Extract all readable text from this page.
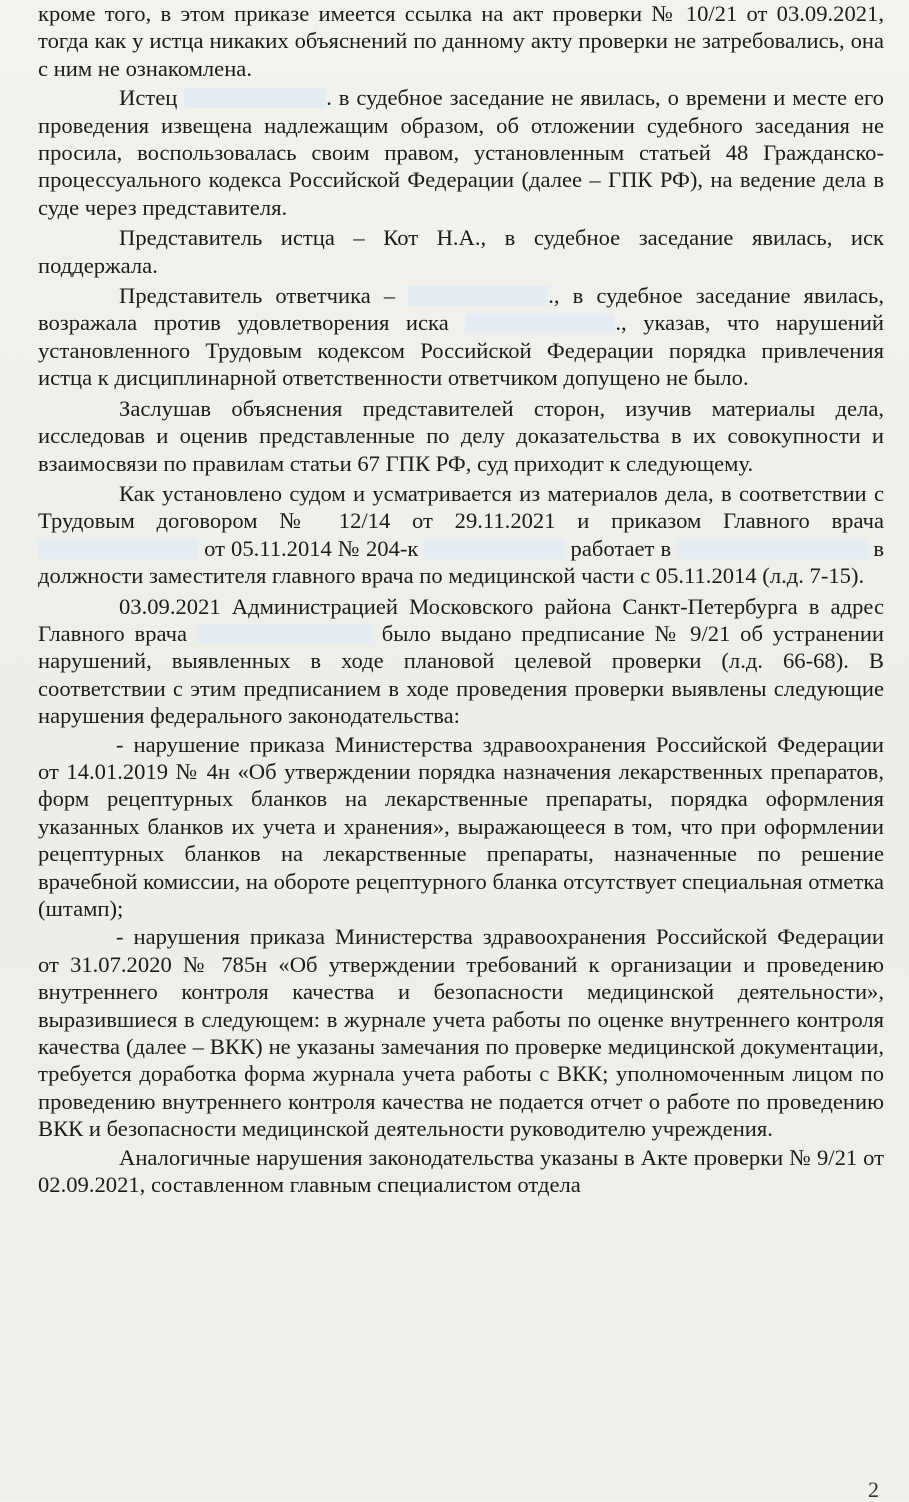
кроме того, в этом приказе имеется ссылка на акт проверки № 10/21 от 03.09.2021, тогда как у истца никаких объяснений по данному акту проверки не затребовались, она с ним не ознакомлена.

Истец	. в судебное заседание не явилась, о времени и месте его проведения извещена надлежащим образом, об отложении судебного заседания не просила, воспользовалась своим правом, установленным статьей 48 Гражданско-процессуального кодекса Российской Федерации (далее – ГПК РФ), на ведение дела в суде через представителя.

Представитель истца – Кот Н.А., в судебное заседание явилась, иск поддержала.

Представитель ответчика –	., в судебное заседание явилась, возражала против удовлетворения иска	., указав, что нарушений установленного Трудовым кодексом Российской Федерации порядка привлечения истца к дисциплинарной ответственности ответчиком допущено не было.

Заслушав объяснения представителей сторон, изучив материалы дела, исследовав и оценив представленные по делу доказательства в их совокупности и взаимосвязи по правилам статьи 67 ГПК РФ, суд приходит к следующему.

Как установлено судом и усматривается из материалов дела, в соответствии с Трудовым договором № 12/14 от 29.11.2021 и приказом Главного врача  от 05.11.2014 № 204-к	работает в	в должности заместителя главного врача по медицинской части с 05.11.2014 (л.д. 7-15).

03.09.2021 Администрацией Московского района Санкт-Петербурга в адрес Главного врача	было выдано предписание № 9/21 об устранении нарушений, выявленных в ходе плановой целевой проверки (л.д. 66-68). В соответствии с этим предписанием в ходе проведения проверки выявлены следующие нарушения федерального законодательства:

- нарушение приказа Министерства здравоохранения Российской Федерации от 14.01.2019 № 4н «Об утверждении порядка назначения лекарственных препаратов, форм рецептурных бланков на лекарственные препараты, порядка оформления указанных бланков их учета и хранения», выражающееся в том, что при оформлении рецептурных бланков на лекарственные препараты, назначенные по решение врачебной комиссии, на обороте рецептурного бланка отсутствует специальная отметка (штамп);

- нарушения приказа Министерства здравоохранения Российской Федерации от 31.07.2020 № 785н «Об утверждении требований к организации и проведению внутреннего контроля качества и безопасности медицинской деятельности», выразившиеся в следующем: в журнале учета работы по оценке внутреннего контроля качества (далее – ВКК) не указаны замечания по проверке медицинской документации, требуется доработка форма журнала учета работы с ВКК; уполномоченным лицом по проведению внутреннего контроля качества не подается отчет о работе по проведению ВКК и безопасности медицинской деятельности руководителю учреждения.

Аналогичные нарушения законодательства указаны в Акте проверки № 9/21 от 02.09.2021, составленном главным специалистом отдела

2
